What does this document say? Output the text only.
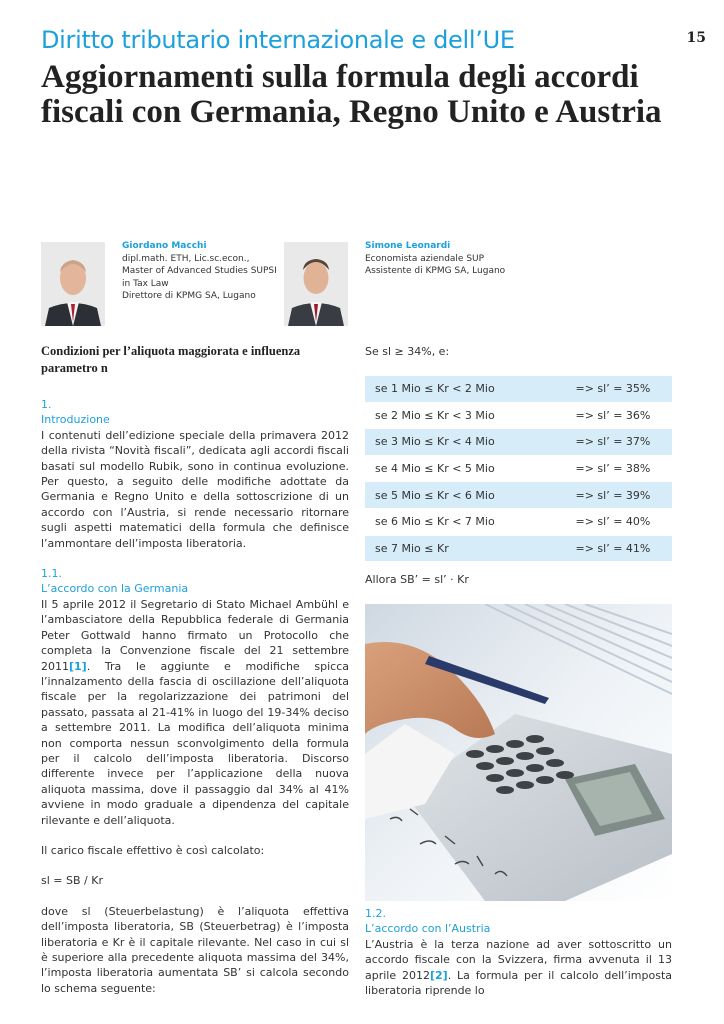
Diritto tributario internazionale e dell’UE	15
Aggiornamenti sulla formula degli accordi
fiscali con Germania, Regno Unito e Austria
Giordano Macchi
dipl.math. ETH, Lic.sc.econ.,
Master of Advanced Studies SUPSI
in Tax Law
Direttore di KPMG SA, Lugano
Simone Leonardi
Economista aziendale SUP
Assistente di KPMG SA, Lugano
Condizioni per l’aliquota maggiorata e influenza parametro n
1.
Introduzione
I contenuti dell’edizione speciale della primavera 2012 della rivista “Novità fiscali”, dedicata agli accordi fiscali basati sul modello Rubik, sono in continua evoluzione. Per questo, a seguito delle modifiche adottate da Germania e Regno Unito e della sottoscrizione di un accordo con l’Austria, si rende necessario ritornare sugli aspetti matematici della formula che definisce l’ammontare dell’imposta liberatoria.
1.1.
L’accordo con la Germania
Il 5 aprile 2012 il Segretario di Stato Michael Ambühl e l’ambasciatore della Repubblica federale di Germania Peter Gottwald hanno firmato un Protocollo che completa la Convenzione fiscale del 21 settembre 2011[1]. Tra le aggiunte e modifiche spicca l’innalzamento della fascia di oscillazione dell’aliquota fiscale per la regolarizzazione dei patrimoni del passato, passata al 21-41% in luogo del 19-34% deciso a settembre 2011. La modifica dell’aliquota minima non comporta nessun sconvolgimento della formula per il calcolo dell’imposta liberatoria. Discorso differente invece per l’applicazione della nuova aliquota massima, dove il passaggio dal 34% al 41% avviene in modo graduale a dipendenza del capitale rilevante e dell’aliquota.
Il carico fiscale effettivo è così calcolato:
sl = SB / Kr
dove sl (Steuerbelastung) è l’aliquota effettiva dell’imposta liberatoria, SB (Steuerbetrag) è l’imposta liberatoria e Kr è il capitale rilevante. Nel caso in cui sl è superiore alla precedente aliquota massima del 34%, l’imposta liberatoria aumentata SB’ si calcola secondo lo schema seguente:
Se sl ≥ 34%, e:
se 1 Mio ≤ Kr < 2 Mio	=> sl’ = 35%
se 2 Mio ≤ Kr < 3 Mio	=> sl’ = 36%
se 3 Mio ≤ Kr < 4 Mio	=> sl’ = 37%
se 4 Mio ≤ Kr < 5 Mio	=> sl’ = 38%
se 5 Mio ≤ Kr < 6 Mio	=> sl’ = 39%
se 6 Mio ≤ Kr < 7 Mio	=> sl’ = 40%
se 7 Mio ≤ Kr	=> sl’ = 41%
Allora SB’ = sl’ · Kr
1.2.
L’accordo con l’Austria
L’Austria è la terza nazione ad aver sottoscritto un accordo fiscale con la Svizzera, firma avvenuta il 13 aprile 2012[2]. La formula per il calcolo dell’imposta liberatoria riprende lo
